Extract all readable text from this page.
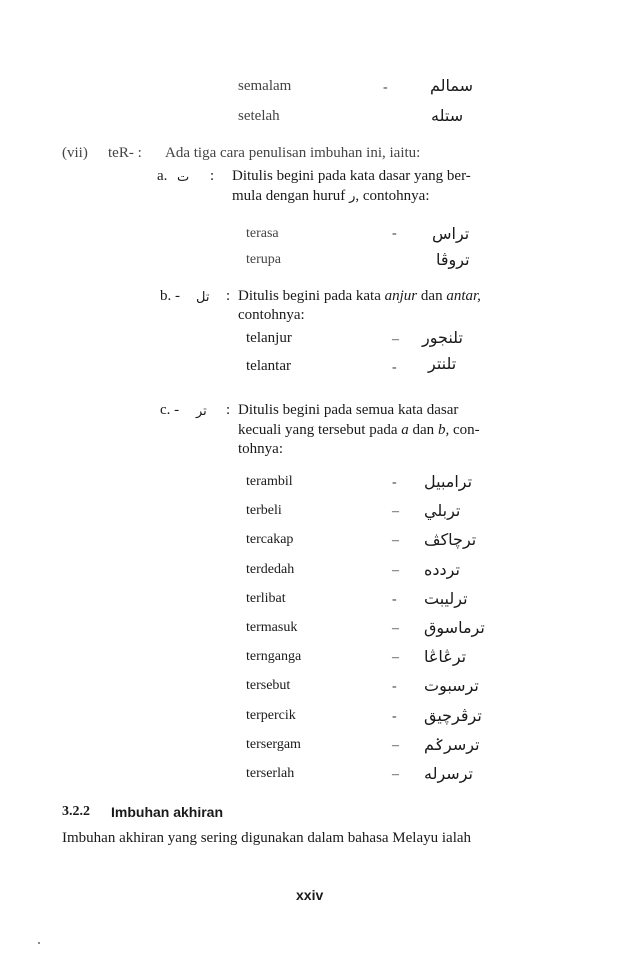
semalam	-	سمالم
setelah	ستله
(vii) teR- : Ada tiga cara penulisan imbuhan ini, iaitu:
a. ت : Ditulis begini pada kata dasar yang ber-
mula dengan huruf ر, contohnya:
terasa	- تراس
terupa	تروڤا
b. - تل : Ditulis begini pada kata anjur dan antar,
contohnya:
telanjur	– تلنجور
telantar	- تلنتر
c. - تر : Ditulis begini pada semua kata dasar
kecuali yang tersebut pada a dan b, con-
tohnya:
terambil	- ترامبيل
terbeli	– تربلي
tercakap	– ترچاکڤ
terdedah	– تردده
terlibat	- ترليبت
termasuk	– ترماسوق
ternganga	– ترڠاڠا
tersebut	- ترسبوت
terpercik	- ترڤرچيق
tersergam	– ترسرݢم
terserlah	– ترسرله
3.2.2 Imbuhan akhiran
Imbuhan akhiran yang sering digunakan dalam bahasa Melayu ialah
xxiv
